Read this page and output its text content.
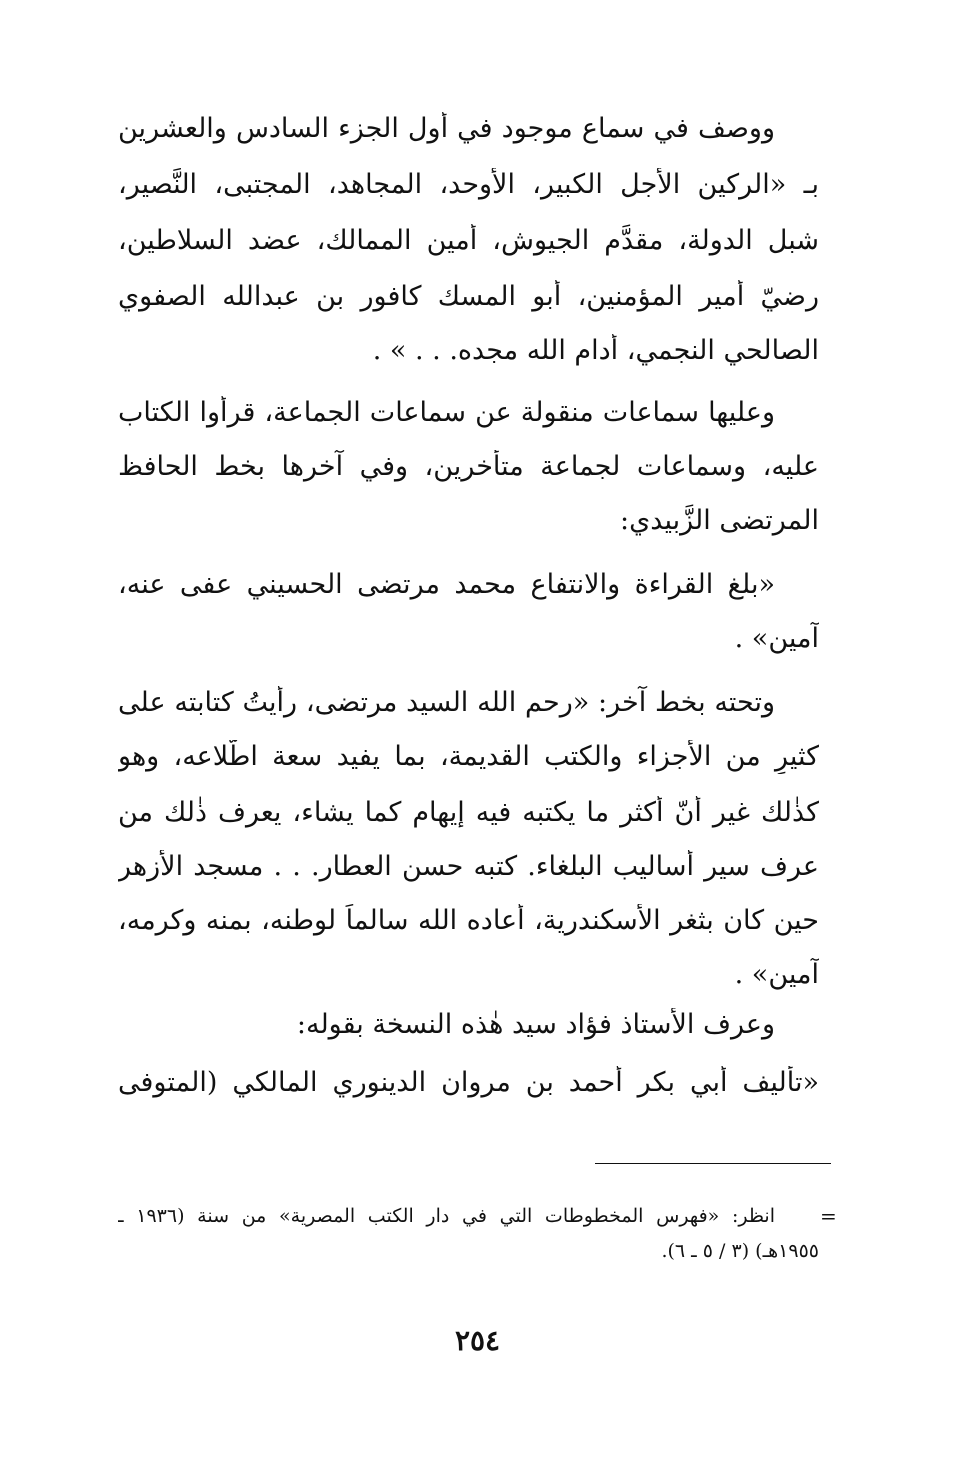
ووصف في سماع موجود في أول الجزء السادس والعشرين

بـ «الركين الأجل الكبير، الأوحد، المجاهد، المجتبى، النَّصير،

شبل الدولة، مقدَّم الجيوش، أمين الممالك، عضد السلاطين،

رضيّ أمير المؤمنين، أبو المسك كافور بن عبدالله الصفوي

الصالحي النجمي، أدام الله مجده. . . » .

وعليها سماعات منقولة عن سماعات الجماعة، قرأوا الكتاب

عليه، وسماعات لجماعة متأخرين، وفي آخرها بخط الحافظ

المرتضى الزَّبيدي:

«بلغ القراءة والانتفاع محمد مرتضى الحسيني عفى عنه،

آمين» .

وتحته بخط آخر: «رحم الله السيد مرتضى، رأيتُ كتابته على

كثيرٍ من الأجزاء والكتب القديمة، بما يفيد سعة اطّلاعه، وهو

كذٰلك غير أنّ أكثر ما يكتبه فيه إيهام كما يشاء، يعرف ذٰلك من

عرف سير أساليب البلغاء. كتبه حسن العطار. . . مسجد الأزهر

حين كان بثغر الأسكندرية، أعاده الله سالماً لوطنه، بمنه وكرمه،

آمين» .

وعرف الأستاذ فؤاد سيد هٰذه النسخة بقوله:

«تأليف أبي بكر أحمد بن مروان الدينوري المالكي (المتوفى

=

انظر: «فهرس المخطوطات التي في دار الكتب المصرية» من سنة (١٩٣٦ ـ

١٩٥٥هـ) (٣ / ٥ ـ ٦).

٢٥٤
